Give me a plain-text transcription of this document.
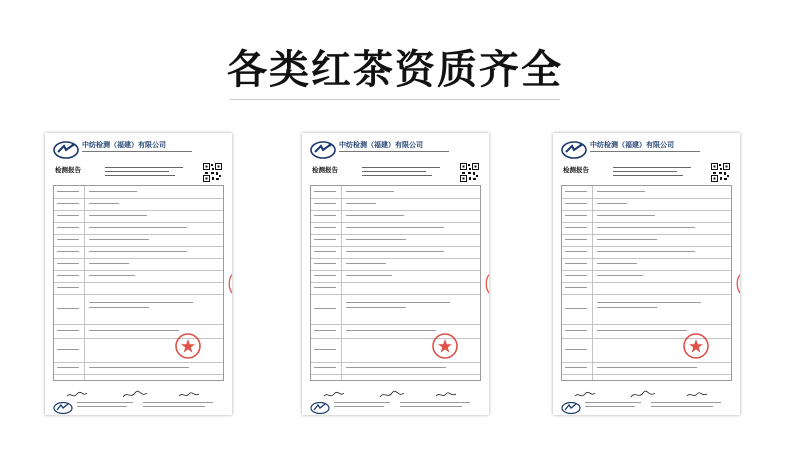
各类红茶资质齐全
中纺检测（福建）有限公司
检测报告
中纺检测（福建）有限公司
检测报告
中纺检测（福建）有限公司
检测报告
